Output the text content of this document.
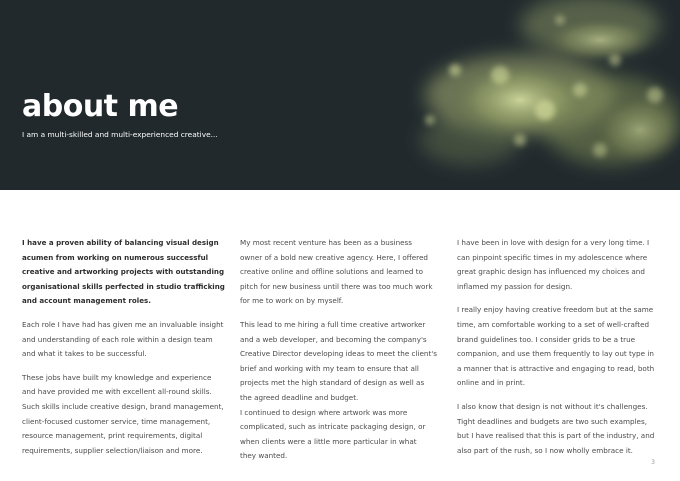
about me

I am a multi-skilled and multi-experienced creative...

I have a proven ability of balancing visual design
acumen from working on numerous successful
creative and artworking projects with outstanding
organisational skills perfected in studio trafficking
and account management roles.

Each role I have had has given me an invaluable insight
and understanding of each role within a design team
and what it takes to be successful.

These jobs have built my knowledge and experience
and have provided me with excellent all-round skills.
Such skills include creative design, brand management,
client-focused customer service, time management,
resource management, print requirements, digital
requirements, supplier selection/liaison and more.

My most recent venture has been as a business
owner of a bold new creative agency. Here, I offered
creative online and offline solutions and learned to
pitch for new business until there was too much work
for me to work on by myself.

This lead to me hiring a full time creative artworker
and a web developer, and becoming the company's
Creative Director developing ideas to meet the client's
brief and working with my team to ensure that all
projects met the high standard of design as well as
the agreed deadline and budget.

I continued to design where artwork was more
complicated, such as intricate packaging design, or
when clients were a little more particular in what
they wanted.

I have been in love with design for a very long time. I
can pinpoint specific times in my adolescence where
great graphic design has influenced my choices and
inflamed my passion for design.

I really enjoy having creative freedom but at the same
time, am comfortable working to a set of well-crafted
brand guidelines too. I consider grids to be a true
companion, and use them frequently to lay out type in
a manner that is attractive and engaging to read, both
online and in print.

I also know that design is not without it's challenges.
Tight deadlines and budgets are two such examples,
but I have realised that this is part of the industry, and
also part of the rush, so I now wholly embrace it.

3
